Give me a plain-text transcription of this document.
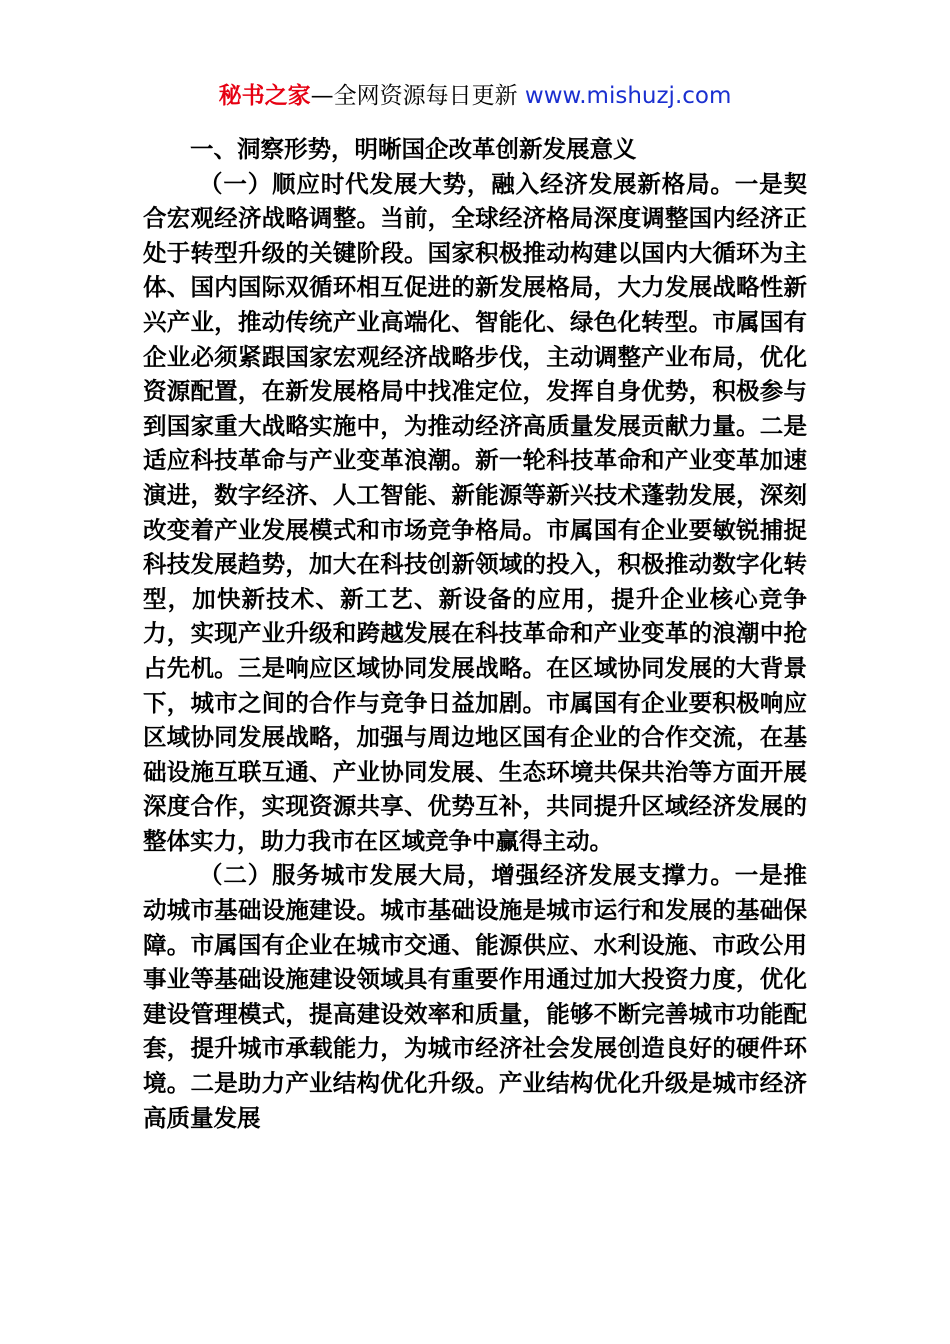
秘书之家—全网资源每日更新 www.mishuzj.com

一、洞察形势，明晰国企改革创新发展意义

（一）顺应时代发展大势，融入经济发展新格局。一是契合宏观经济战略调整。当前，全球经济格局深度调整国内经济正处于转型升级的关键阶段。国家积极推动构建以国内大循环为主体、国内国际双循环相互促进的新发展格局，大力发展战略性新兴产业，推动传统产业高端化、智能化、绿色化转型。市属国有企业必须紧跟国家宏观经济战略步伐，主动调整产业布局，优化资源配置，在新发展格局中找准定位，发挥自身优势，积极参与到国家重大战略实施中，为推动经济高质量发展贡献力量。二是适应科技革命与产业变革浪潮。新一轮科技革命和产业变革加速演进，数字经济、人工智能、新能源等新兴技术蓬勃发展，深刻改变着产业发展模式和市场竞争格局。市属国有企业要敏锐捕捉科技发展趋势，加大在科技创新领域的投入，积极推动数字化转型，加快新技术、新工艺、新设备的应用，提升企业核心竞争力，实现产业升级和跨越发展在科技革命和产业变革的浪潮中抢占先机。三是响应区域协同发展战略。在区域协同发展的大背景下，城市之间的合作与竞争日益加剧。市属国有企业要积极响应区域协同发展战略，加强与周边地区国有企业的合作交流，在基础设施互联互通、产业协同发展、生态环境共保共治等方面开展深度合作，实现资源共享、优势互补，共同提升区域经济发展的整体实力，助力我市在区域竞争中赢得主动。

（二）服务城市发展大局，增强经济发展支撑力。一是推动城市基础设施建设。城市基础设施是城市运行和发展的基础保障。市属国有企业在城市交通、能源供应、水利设施、市政公用事业等基础设施建设领域具有重要作用通过加大投资力度，优化建设管理模式，提高建设效率和质量，能够不断完善城市功能配套，提升城市承载能力，为城市经济社会发展创造良好的硬件环境。二是助力产业结构优化升级。产业结构优化升级是城市经济高质量发展
